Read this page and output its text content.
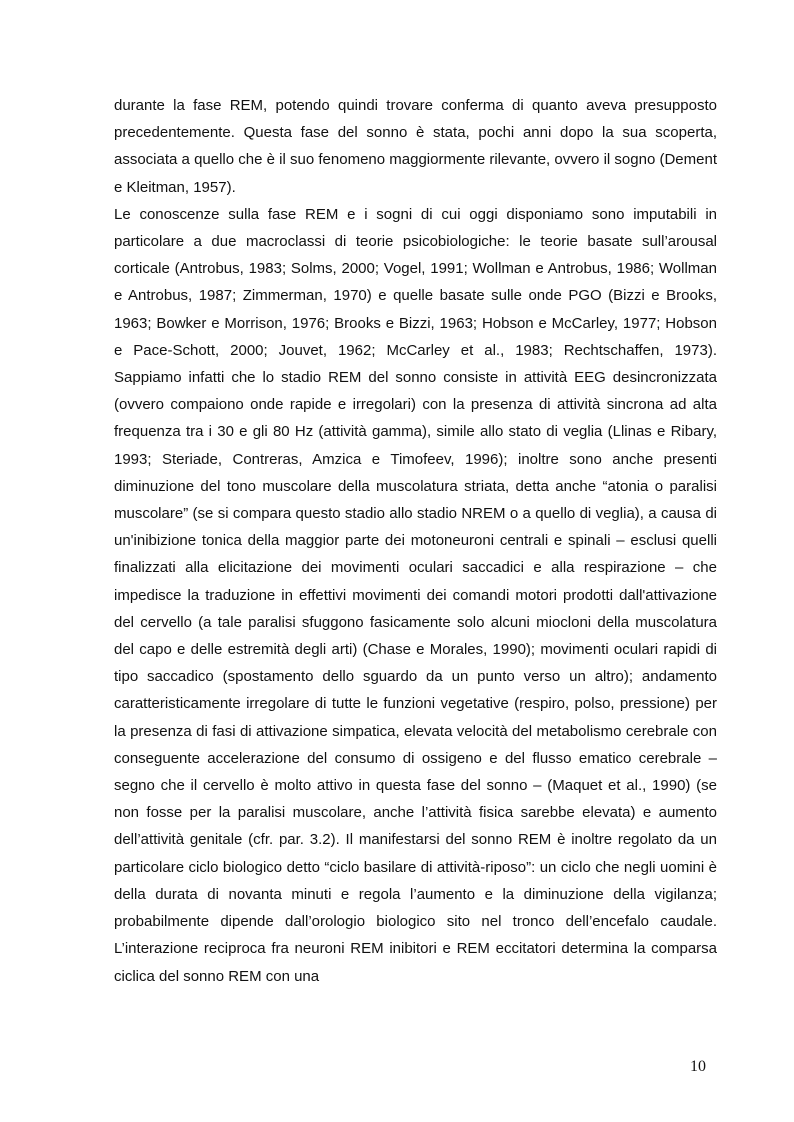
durante la fase REM, potendo quindi trovare conferma di quanto aveva presupposto precedentemente. Questa fase del sonno è stata, pochi anni dopo la sua scoperta, associata a quello che è il suo fenomeno maggiormente rilevante, ovvero il sogno (Dement e Kleitman, 1957).

Le conoscenze sulla fase REM e i sogni di cui oggi disponiamo sono imputabili in particolare a due macroclassi di teorie psicobiologiche: le teorie basate sull’arousal corticale (Antrobus, 1983; Solms, 2000; Vogel, 1991; Wollman e Antrobus, 1986; Wollman e Antrobus, 1987; Zimmerman, 1970) e quelle basate sulle onde PGO (Bizzi e Brooks, 1963; Bowker e Morrison, 1976; Brooks e Bizzi, 1963; Hobson e McCarley, 1977; Hobson e Pace-Schott, 2000; Jouvet, 1962; McCarley et al., 1983; Rechtschaffen, 1973). Sappiamo infatti che lo stadio REM del sonno consiste in attività EEG desincronizzata (ovvero compaiono onde rapide e irregolari) con la presenza di attività sincrona ad alta frequenza tra i 30 e gli 80 Hz (attività gamma), simile allo stato di veglia (Llinas e Ribary, 1993; Steriade, Contreras, Amzica e Timofeev, 1996); inoltre sono anche presenti diminuzione del tono muscolare della muscolatura striata, detta anche “atonia o paralisi muscolare” (se si compara questo stadio allo stadio NREM o a quello di veglia), a causa di un'inibizione tonica della maggior parte dei motoneuroni centrali e spinali – esclusi quelli finalizzati alla elicitazione dei movimenti oculari saccadici e alla respirazione – che impedisce la traduzione in effettivi movimenti dei comandi motori prodotti dall'attivazione del cervello (a tale paralisi sfuggono fasicamente solo alcuni miocloni della muscolatura del capo e delle estremità degli arti) (Chase e Morales, 1990); movimenti oculari rapidi di tipo saccadico (spostamento dello sguardo da un punto verso un altro); andamento caratteristicamente irregolare di tutte le funzioni vegetative (respiro, polso, pressione) per la presenza di fasi di attivazione simpatica, elevata velocità del metabolismo cerebrale con conseguente accelerazione del consumo di ossigeno e del flusso ematico cerebrale – segno che il cervello è molto attivo in questa fase del sonno – (Maquet et al., 1990) (se non fosse per la paralisi muscolare, anche l’attività fisica sarebbe elevata) e aumento dell’attività genitale (cfr. par. 3.2). Il manifestarsi del sonno REM è inoltre regolato da un particolare ciclo biologico detto “ciclo basilare di attività-riposo”: un ciclo che negli uomini è della durata di novanta minuti e regola l’aumento e la diminuzione della vigilanza; probabilmente dipende dall’orologio biologico sito nel tronco dell’encefalo caudale. L’interazione reciproca fra neuroni REM inibitori e REM eccitatori determina la comparsa ciclica del sonno REM con una

10
